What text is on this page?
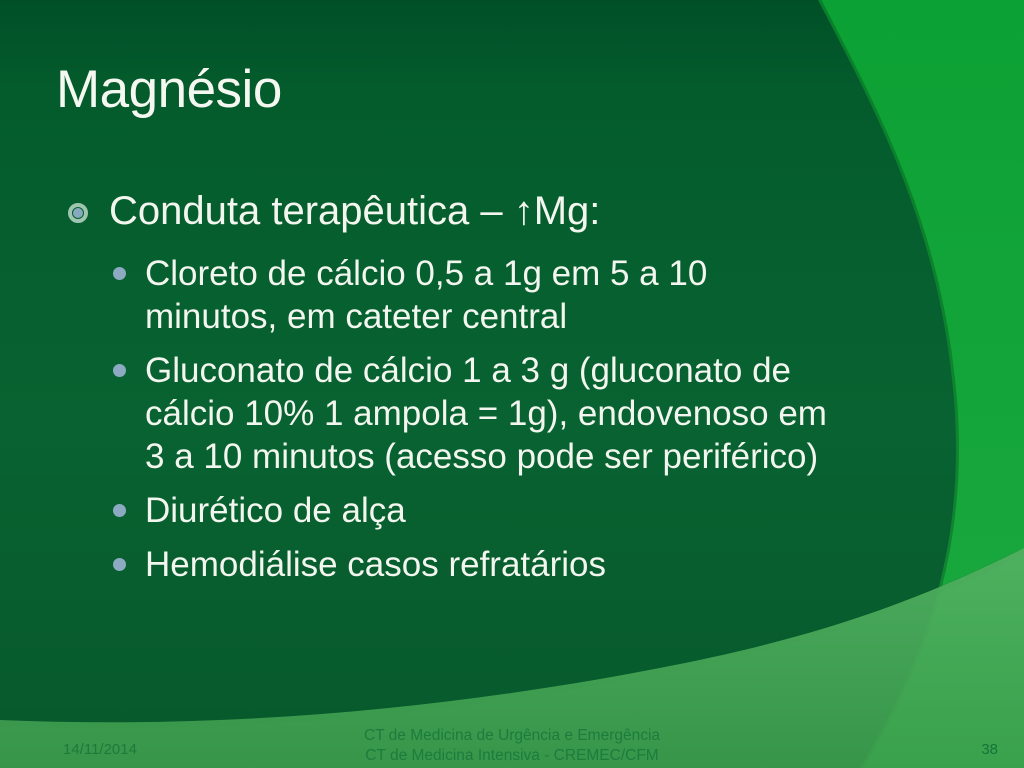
Magnésio
Conduta terapêutica – ↑Mg:
Cloreto de cálcio 0,5 a 1g em 5 a 10
minutos, em cateter central
Gluconato de cálcio 1 a 3 g (gluconato de
cálcio 10% 1 ampola = 1g), endovenoso em
3 a 10 minutos (acesso pode ser periférico)
Diurético de alça
Hemodiálise casos refratários
14/11/2014
CT de Medicina de Urgência e Emergência
CT de Medicina Intensiva - CREMEC/CFM	38
